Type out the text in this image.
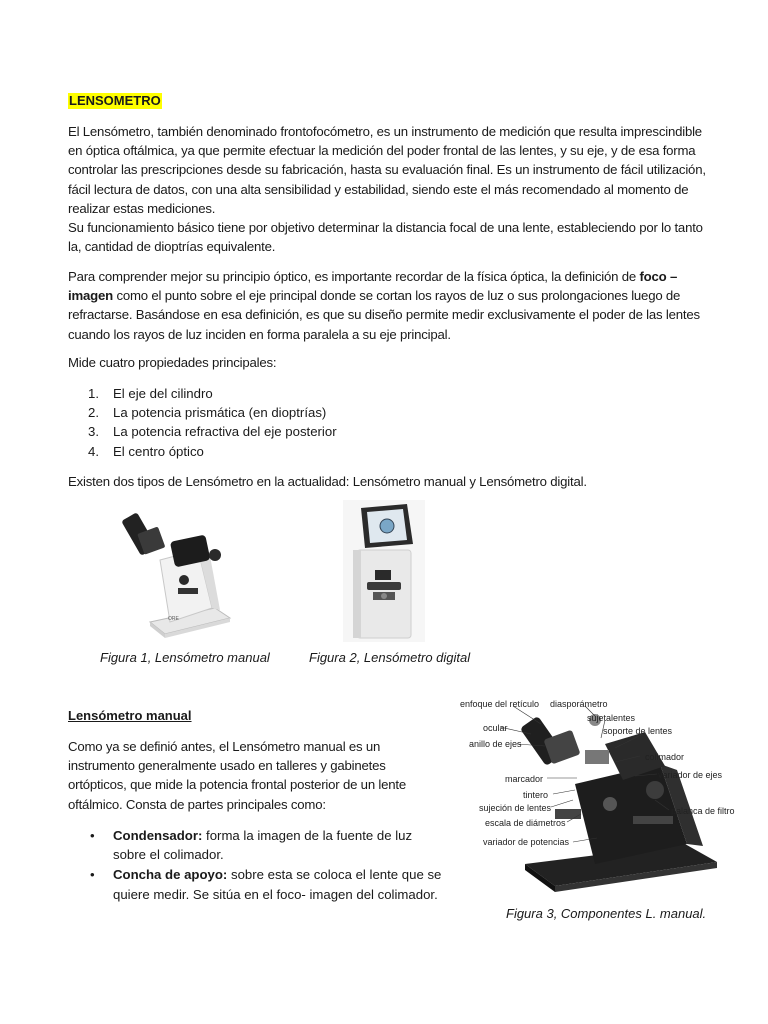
LENSOMETRO
El Lensómetro, también denominado frontofocómetro, es un instrumento de medición que resulta imprescindible en óptica oftálmica, ya que permite efectuar la medición del poder frontal de las lentes, y su eje, y de esa forma controlar las prescripciones desde su fabricación, hasta su evaluación final. Es un instrumento de fácil utilización, fácil lectura de datos, con una alta sensibilidad y estabilidad, siendo este el más recomendado al momento de realizar estas mediciones.
Su funcionamiento básico tiene por objetivo determinar la distancia focal de una lente, estableciendo por lo tanto la, cantidad de dioptrías equivalente.
Para comprender mejor su principio óptico, es importante recordar de la física óptica, la definición de foco – imagen como el punto sobre el eje principal donde se cortan los rayos de luz o sus prolongaciones luego de refractarse. Basándose en esa definición, es que su diseño permite medir exclusivamente el poder de las lentes cuando los rayos de luz inciden en forma paralela a su eje principal.
Mide cuatro propiedades principales:
1.	El eje del cilindro
2.	La potencia prismática (en dioptrías)
3.	La potencia refractiva del eje posterior
4.	El centro óptico
Existen dos tipos de Lensómetro en la actualidad: Lensómetro manual y Lensómetro digital.
ORE
Figura 1, Lensómetro manual	Figura 2, Lensómetro digital
Lensómetro manual
Como ya se definió antes, el Lensómetro manual es un instrumento generalmente usado en talleres y gabinetes ortópticos, que mide la potencia frontal posterior de un lente oftálmico. Consta de partes principales como:
• Condensador: forma la imagen de la fuente de luz sobre el colimador.
• Concha de apoyo: sobre esta se coloca el lente que se quiere medir. Se sitúa en el foco- imagen del colimador.
enfoque del retículo diasporámetro
sujetalentes
soporte de lentes
ocular
anillo de ejes
colimador
variador de ejes
marcador
tintero
sujeción de lentes	palanca de filtro
escala de diámetros
variador de potencias
Figura 3, Componentes L. manual.
